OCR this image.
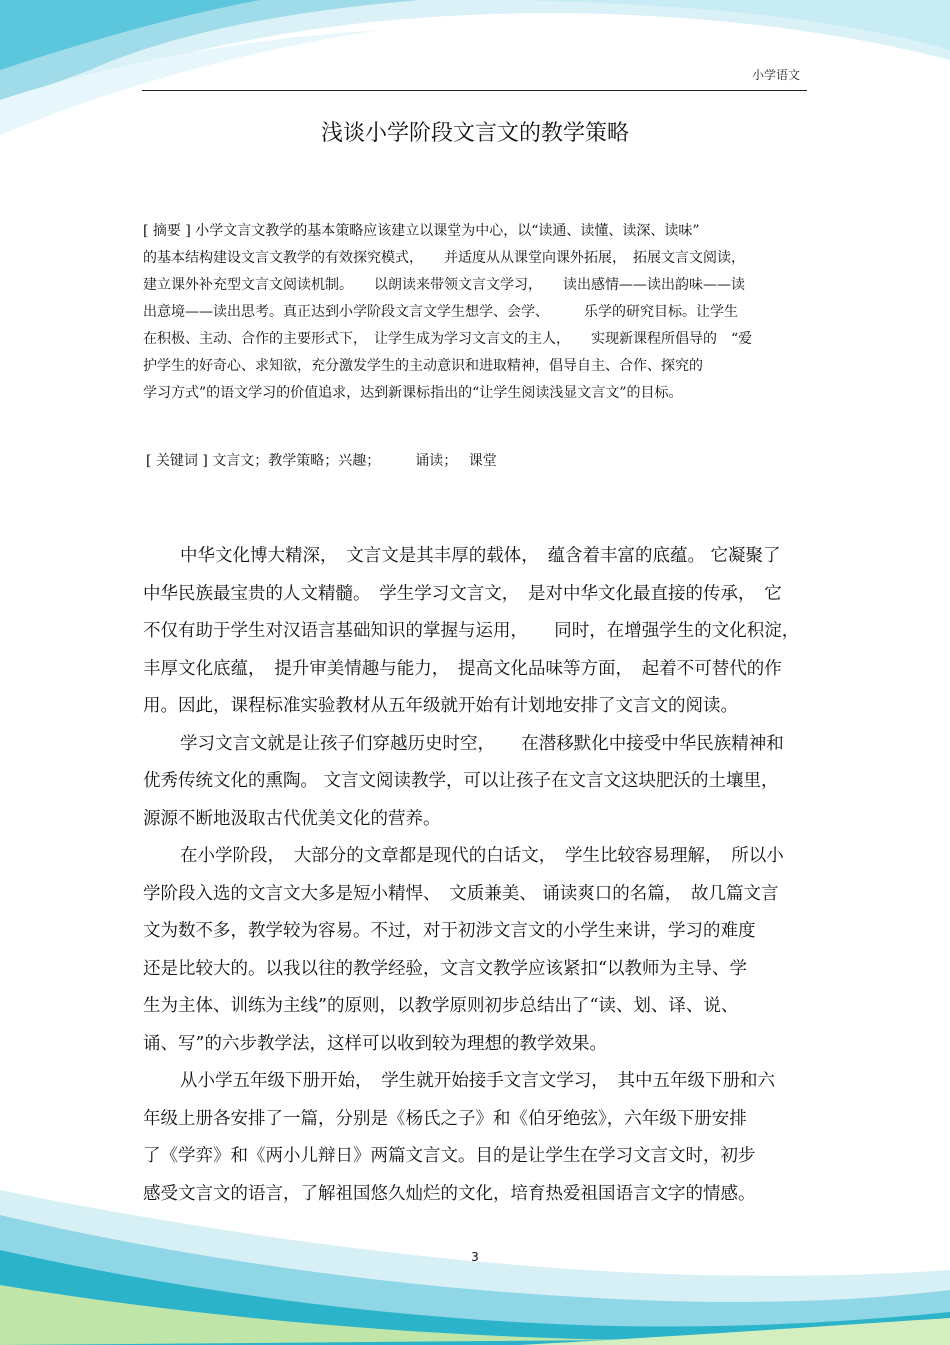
小学语文
浅谈小学阶段文言文的教学策略
[ 摘要 ] 小学文言文教学的基本策略应该建立以课堂为中心，以“读通、读懂、读深、读味”
的基本结构建设文言文教学的有效探究模式，　　并适度从从课堂向课外拓展，　拓展文言文阅读，
建立课外补充型文言文阅读机制。　　以朗读来带领文言文学习，　　读出感情——读出韵味——读
出意境——读出思考。真正达到小学阶段文言文学生想学、会学、　　　乐学的研究目标。让学生
在积极、主动、合作的主要形式下，　让学生成为学习文言文的主人，　　实现新课程所倡导的　“爱
护学生的好奇心、求知欲，充分激发学生的主动意识和进取精神，倡导自主、合作、探究的
学习方式”的语文学习的价值追求，达到新课标指出的“让学生阅读浅显文言文”的目标。
[ 关键词 ] 文言文；教学策略；兴趣；　　　诵读；　 课堂
中华文化博大精深，　文言文是其丰厚的载体，　蕴含着丰富的底蕴。 它凝聚了
中华民族最宝贵的人文精髓。　学生学习文言文，　是对中华文化最直接的传承，　它
不仅有助于学生对汉语言基础知识的掌握与运用，　　同时，在增强学生的文化积淀，
丰厚文化底蕴，　提升审美情趣与能力，　提高文化品味等方面，　起着不可替代的作
用。因此，课程标准实验教材从五年级就开始有计划地安排了文言文的阅读。
学习文言文就是让孩子们穿越历史时空，　　在潜移默化中接受中华民族精神和
优秀传统文化的熏陶。 文言文阅读教学，可以让孩子在文言文这块肥沃的土壤里，
源源不断地汲取古代优美文化的营养。
在小学阶段，　大部分的文章都是现代的白话文，　学生比较容易理解，　所以小
学阶段入选的文言文大多是短小精悍、　文质兼美、 诵读爽口的名篇，　故几篇文言
文为数不多，教学较为容易。不过，对于初涉文言文的小学生来讲，学习的难度
还是比较大的。以我以往的教学经验，文言文教学应该紧扣“以教师为主导、学
生为主体、训练为主线”的原则，以教学原则初步总结出了“读、划、译、说、
诵、写”的六步教学法，这样可以收到较为理想的教学效果。
从小学五年级下册开始，　学生就开始接手文言文学习，　其中五年级下册和六
年级上册各安排了一篇，分别是《杨氏之子》和《伯牙绝弦》，六年级下册安排
了《学弈》和《两小儿辩日》两篇文言文。目的是让学生在学习文言文时，初步
感受文言文的语言，了解祖国悠久灿烂的文化，培育热爱祖国语言文字的情感。
3
